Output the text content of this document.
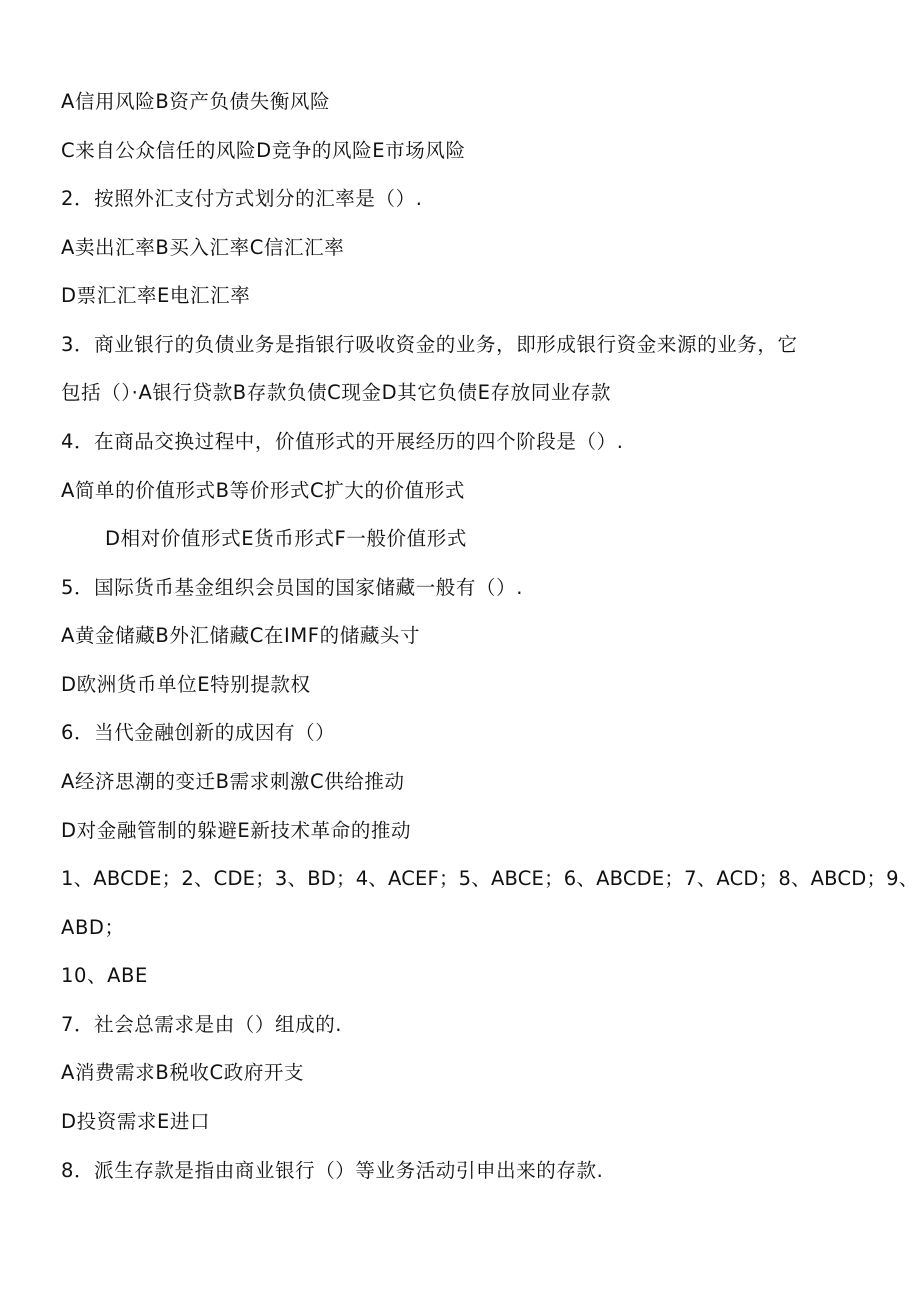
A信用风险B资产负债失衡风险
C来自公众信任的风险D竞争的风险E市场风险
2．按照外汇支付方式划分的汇率是（）.
A卖出汇率B买入汇率C信汇汇率
D票汇汇率E电汇汇率
3．商业银行的负债业务是指银行吸收资金的业务，即形成银行资金来源的业务，它
包括（）·A银行贷款B存款负债C现金D其它负债E存放同业存款
4．在商品交换过程中，价值形式的开展经历的四个阶段是（）.
A简单的价值形式B等价形式C扩大的价值形式
D相对价值形式E货币形式F一般价值形式
5．国际货币基金组织会员国的国家储藏一般有（）.
A黄金储藏B外汇储藏C在IMF的储藏头寸
D欧洲货币单位E特别提款权
6．当代金融创新的成因有（）
A经济思潮的变迁B需求刺激C供给推动
D对金融管制的躲避E新技术革命的推动
1、ABCDE；2、CDE；3、BD；4、ACEF；5、ABCE；6、ABCDE；7、ACD；8、ABCD；9、
ABD；
10、ABE
7．社会总需求是由（）组成的.
A消费需求B税收C政府开支
D投资需求E进口
8．派生存款是指由商业银行（）等业务活动引申出来的存款.
